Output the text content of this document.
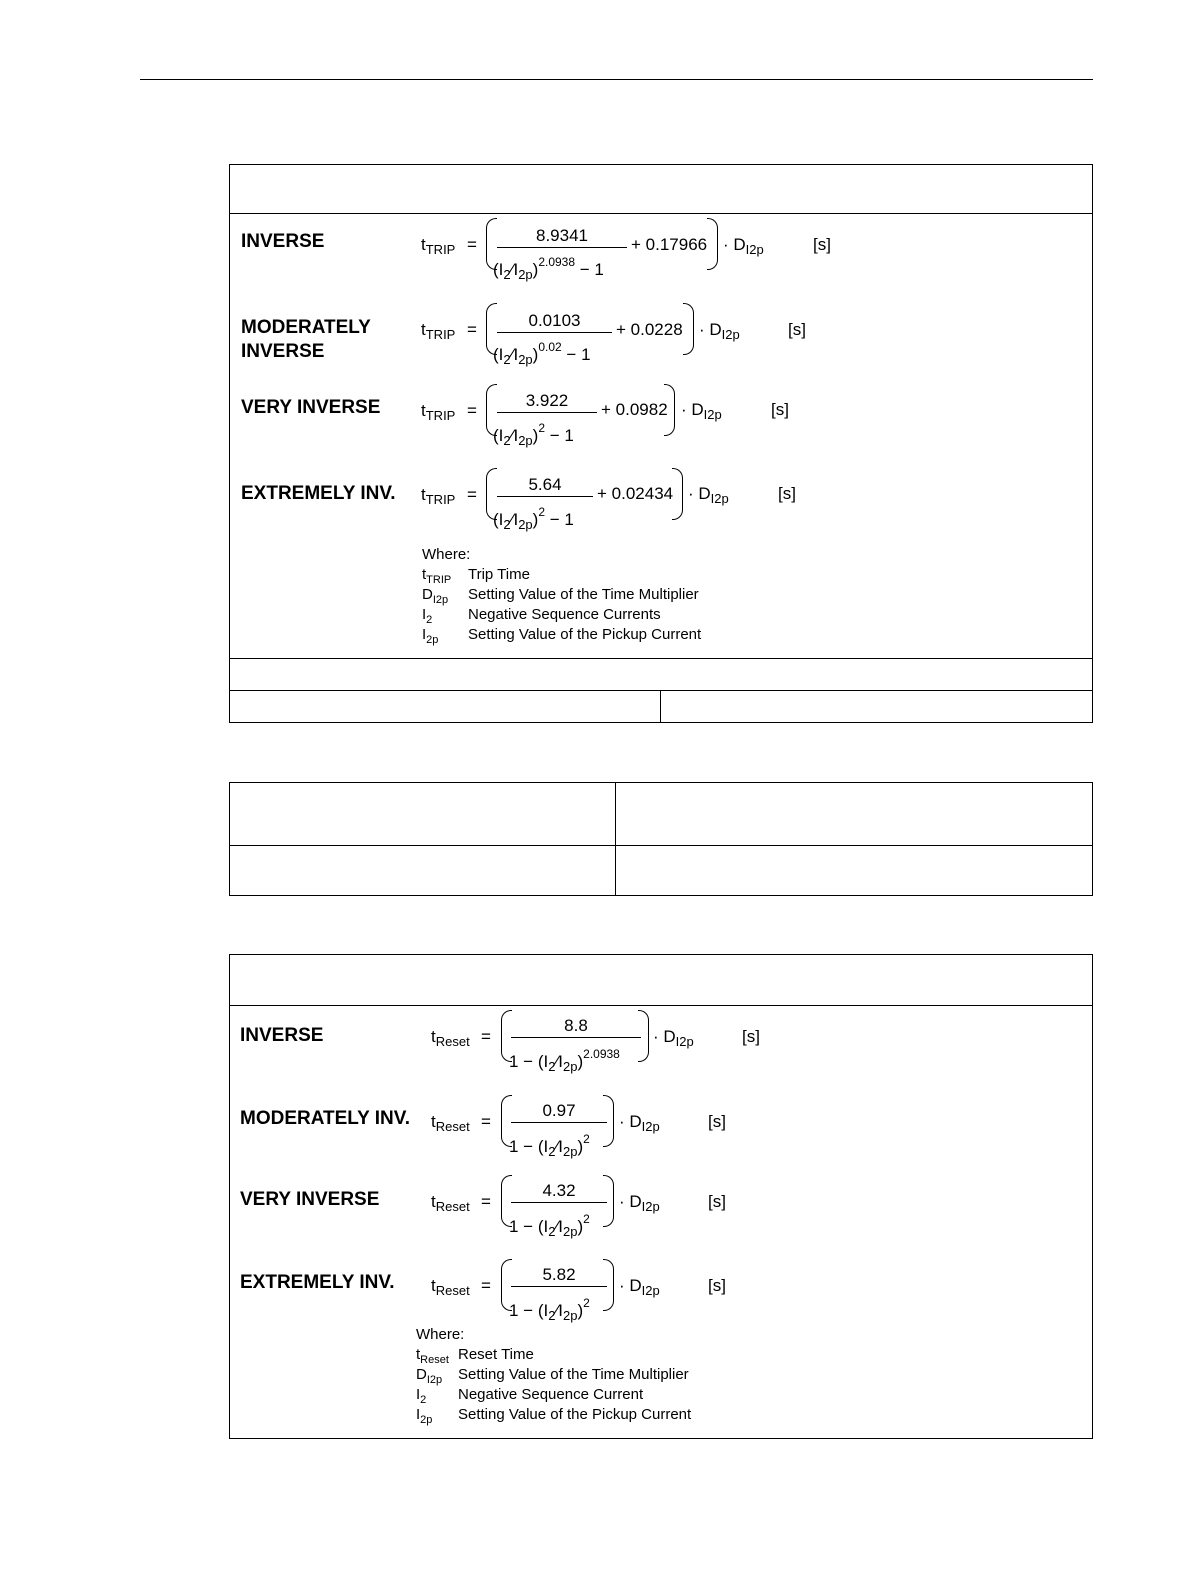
INVERSE	$t_{TRIP}$ =	8.9341
$(I_2⁄I_{2p})^{2.0938} - 1$
+ $0.17966 \cdot D_{I2p}$	[s]
MODERATELY
INVERSE
$t_{TRIP}$ =	0.0103
$(I_2⁄I_{2p})^{0.02} - 1$
+ $0.0228 \cdot D_{I2p}$	[s]
VERY INVERSE $t_{TRIP}$ =
3.922
$(I_2⁄I_{2p})^2 - 1$
+ $0.0982 \cdot D_{I2p}$	[s]
EXTREMELY INV. $t_{TRIP}$ =
5.64
$(I_2⁄I_{2p})^2 - 1$
+ $0.02434 \cdot D_{I2p}$	[s]
Where:
$t_{TRIP}$ Trip Time
$D_{I2p}$ Setting Value of the Time Multiplier
$I_2$ Negative Sequence Currents
$I_{2p}$ Setting Value of the Pickup Current
INVERSE	$t_{Reset}$ =
8.8
$1 - (I_2⁄I_{2p})^{2.0938}$
· $D_{I2p}$	[s]
MODERATELY INV. $t_{Reset}$ =
0.97
$1 - (I_2⁄I_{2p})^2$
· $D_{I2p}$	[s]
VERY INVERSE	$t_{Reset}$ =
4.32
$1 - (I_2⁄I_{2p})^2$
· $D_{I2p}$	[s]
EXTREMELY INV. $t_{Reset}$ =
5.82
$1 - (I_2⁄I_{2p})^2$
· $D_{I2p}$	[s]
Where:
$t_{Reset}$ Reset Time
$D_{I2p}$ Setting Value of the Time Multiplier
$I_2$ Negative Sequence Current
$I_{2p}$ Setting Value of the Pickup Current
